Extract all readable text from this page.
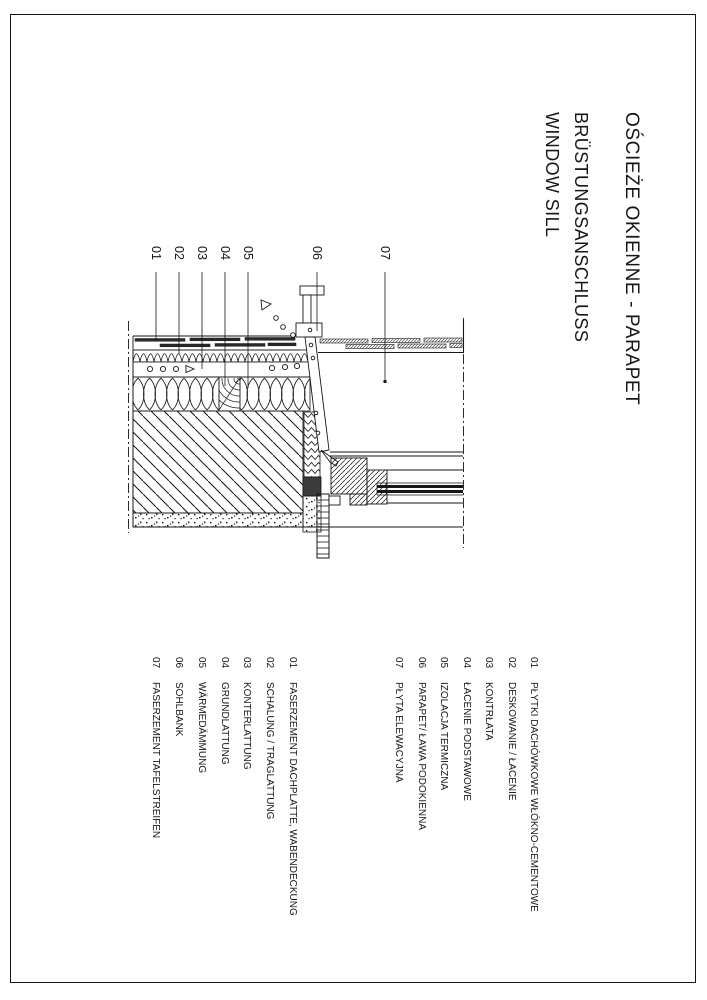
OŚCIEŻE OKIENNE - PARAPET
BRÜSTUNGSANSCHLUSS
WINDOW SILL
01 02 03 04 05	06	07
01FASERZEMENT DACHPLATTE, WABENDECKUNG
02SCHALUNG / TRAGLATTUNG
03KONTERLATTUNG
04GRUNDLATTUNG
05WÄRMEDÄMMUNG
06SOHLBANK
07FASERZEMENT TAFELSTREIFEN
01PŁYTKI DACHÓWKOWE WŁÓKNO-CEMENTOWE
02DESKOWANIE / ŁACENIE
03KONTRŁATA
04ŁACENIE PODSTAWOWE
05IZOLACJA TERMICZNA
06PARAPET/ ŁAWA PODOKIENNA
07PŁYTA ELEWACYJNA
